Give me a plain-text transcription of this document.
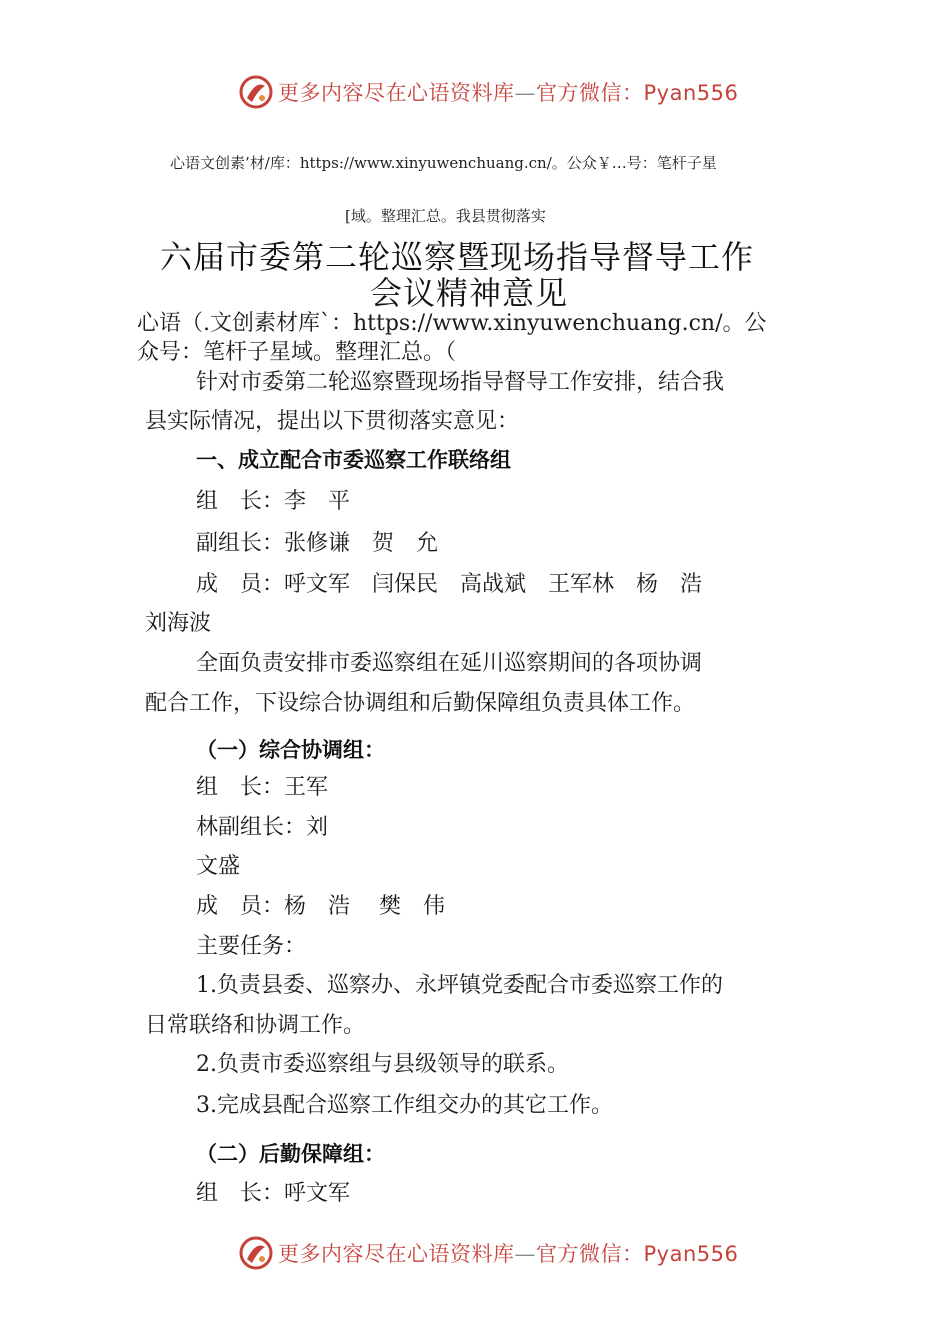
更多内容尽在心语资料库—官方微信：Pyan556
心语文创素’材/库：https://www.xinyuwenchuang.cn/。公众￥…号：笔杆子星
[域。整理汇总。我县贯彻落实
六届市委第二轮巡察暨现场指导督导工作
会议精神意见
心语（.文创素材库`：https://www.xinyuwenchuang.cn/。公
众号：笔杆子星域。整理汇总。（
针对市委第二轮巡察暨现场指导督导工作安排，结合我
县实际情况，提出以下贯彻落实意见：
一、成立配合市委巡察工作联络组
组　长：李　平
副组长：张修谦　贺　允
成　员：呼文军　闫保民　高战斌　王军林　杨　浩
刘海波
全面负责安排市委巡察组在延川巡察期间的各项协调
配合工作，下设综合协调组和后勤保障组负责具体工作。
（一）综合协调组：
组　长：王军
林副组长：刘
文盛
成　员：杨　浩　 樊　伟
主要任务：
1.负责县委、巡察办、永坪镇党委配合市委巡察工作的
日常联络和协调工作。
2.负责市委巡察组与县级领导的联系。
3.完成县配合巡察工作组交办的其它工作。
（二）后勤保障组：
组　长：呼文军
更多内容尽在心语资料库—官方微信：Pyan556
